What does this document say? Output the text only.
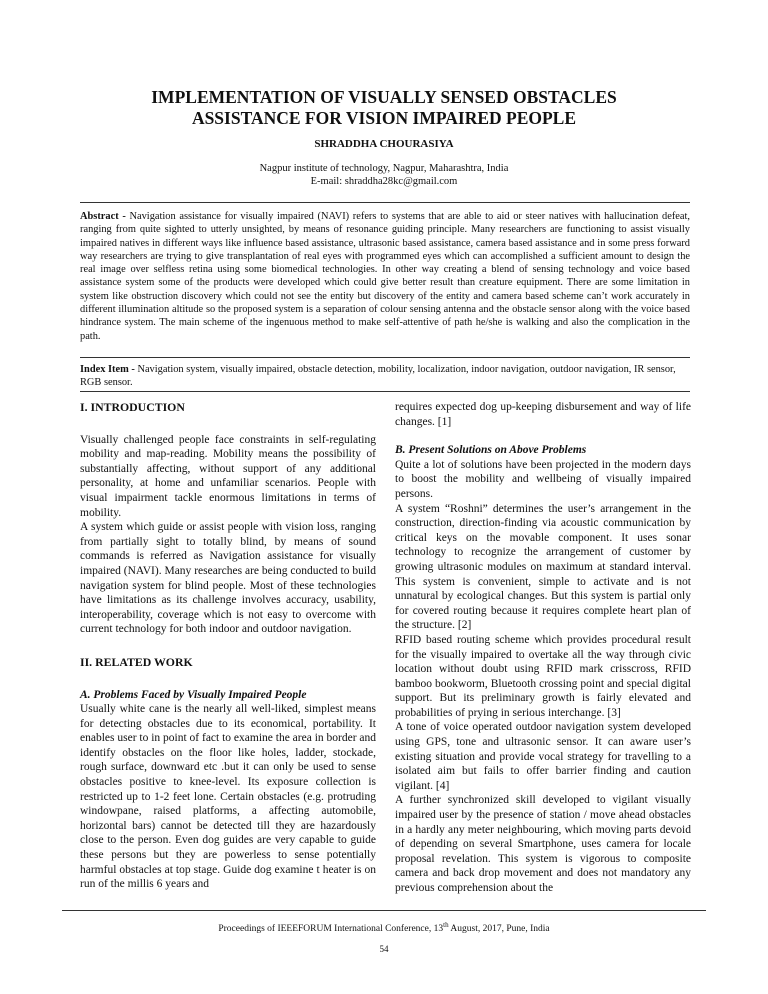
IMPLEMENTATION OF VISUALLY SENSED OBSTACLES
ASSISTANCE FOR VISION IMPAIRED PEOPLE
SHRADDHA CHOURASIYA
Nagpur institute of technology, Nagpur, Maharashtra, India
E-mail: shraddha28kc@gmail.com

Abstract - Navigation assistance for visually impaired (NAVI) refers to systems that are able to aid or steer natives with hallucination defeat, ranging from quite sighted to utterly unsighted, by means of resonance guiding principle. Many researchers are functioning to assist visually impaired natives in different ways like influence based assistance, ultrasonic based assistance, camera based assistance and in some press forward way researchers are trying to give transplantation of real eyes with programmed eyes which can accomplished a sufficient amount to design the real image over selfless retina using some biomedical technologies. In other way creating a blend of sensing technology and voice based assistance system some of the products were developed which could give better result than creature equipment. There are some limitation in system like obstruction discovery which could not see the entity but discovery of the entity and camera based scheme can’t work accurately in different illumination altitude so the proposed system is a separation of colour sensing antenna and the obstacle sensor along with the voice based hindrance system. The main scheme of the ingenuous method to make self-attentive of path he/she is walking and also the complication in the path.

Index Item - Navigation system, visually impaired, obstacle detection, mobility, localization, indoor navigation, outdoor navigation, IR sensor, RGB sensor.

I. INTRODUCTION

Visually challenged people face constraints in self-regulating mobility and map-reading. Mobility means the possibility of substantially affecting, without support of any additional personality, at home and unfamiliar scenarios. People with visual impairment tackle enormous limitations in terms of mobility.

A system which guide or assist people with vision loss, ranging from partially sight to totally blind, by means of sound commands is referred as Navigation assistance for visually impaired (NAVI). Many researches are being conducted to build navigation system for blind people. Most of these technologies have limitations as its challenge involves accuracy, usability, interoperability, coverage which is not easy to overcome with current technology for both indoor and outdoor navigation.

II. RELATED WORK
A. Problems Faced by Visually Impaired People

Usually white cane is the nearly all well-liked, simplest means for detecting obstacles due to its economical, portability. It enables user to in point of fact to examine the area in border and identify obstacles on the floor like holes, ladder, stockade, rough surface, downward etc .but it can only be used to sense obstacles positive to knee-level. Its exposure collection is restricted up to 1-2 feet lone. Certain obstacles (e.g. protruding windowpane, raised platforms, a affecting automobile, horizontal bars) cannot be detected till they are hazardously close to the person. Even dog guides are very capable to guide these persons but they are powerless to sense potentially harmful obstacles at top stage. Guide dog examine t heater is on run of the millis 6 years and

requires expected dog up-keeping disbursement and way of life changes. [1]

B. Present Solutions on Above Problems

Quite a lot of solutions have been projected in the modern days to boost the mobility and wellbeing of visually impaired persons.

A system “Roshni” determines the user’s arrangement in the construction, direction-finding via acoustic communication by critical keys on the movable component. It uses sonar technology to recognize the arrangement of customer by growing ultrasonic modules on maximum at standard interval. This system is convenient, simple to activate and is not unnatural by ecological changes. But this system is partial only for covered routing because it requires complete heart plan of the structure. [2]

RFID based routing scheme which provides procedural result for the visually impaired to overtake all the way through civic location without doubt using RFID mark crisscross, RFID bamboo bookworm, Bluetooth crossing point and special digital support. But its preliminary growth is fairly elevated and probabilities of prying in serious interchange. [3]

A tone of voice operated outdoor navigation system developed using GPS, tone and ultrasonic sensor. It can aware user’s existing situation and provide vocal strategy for travelling to a isolated aim but fails to offer barrier finding and caution vigilant. [4]

A further synchronized skill developed to vigilant visually impaired user by the presence of station / move ahead obstacles in a hardly any meter neighbouring, which moving parts devoid of depending on several Smartphone, uses camera for locale proposal revelation. This system is vigorous to composite camera and back drop movement and does not mandatory any previous comprehension about the

Proceedings of IEEEFORUM International Conference, 13th August, 2017, Pune, India
54
